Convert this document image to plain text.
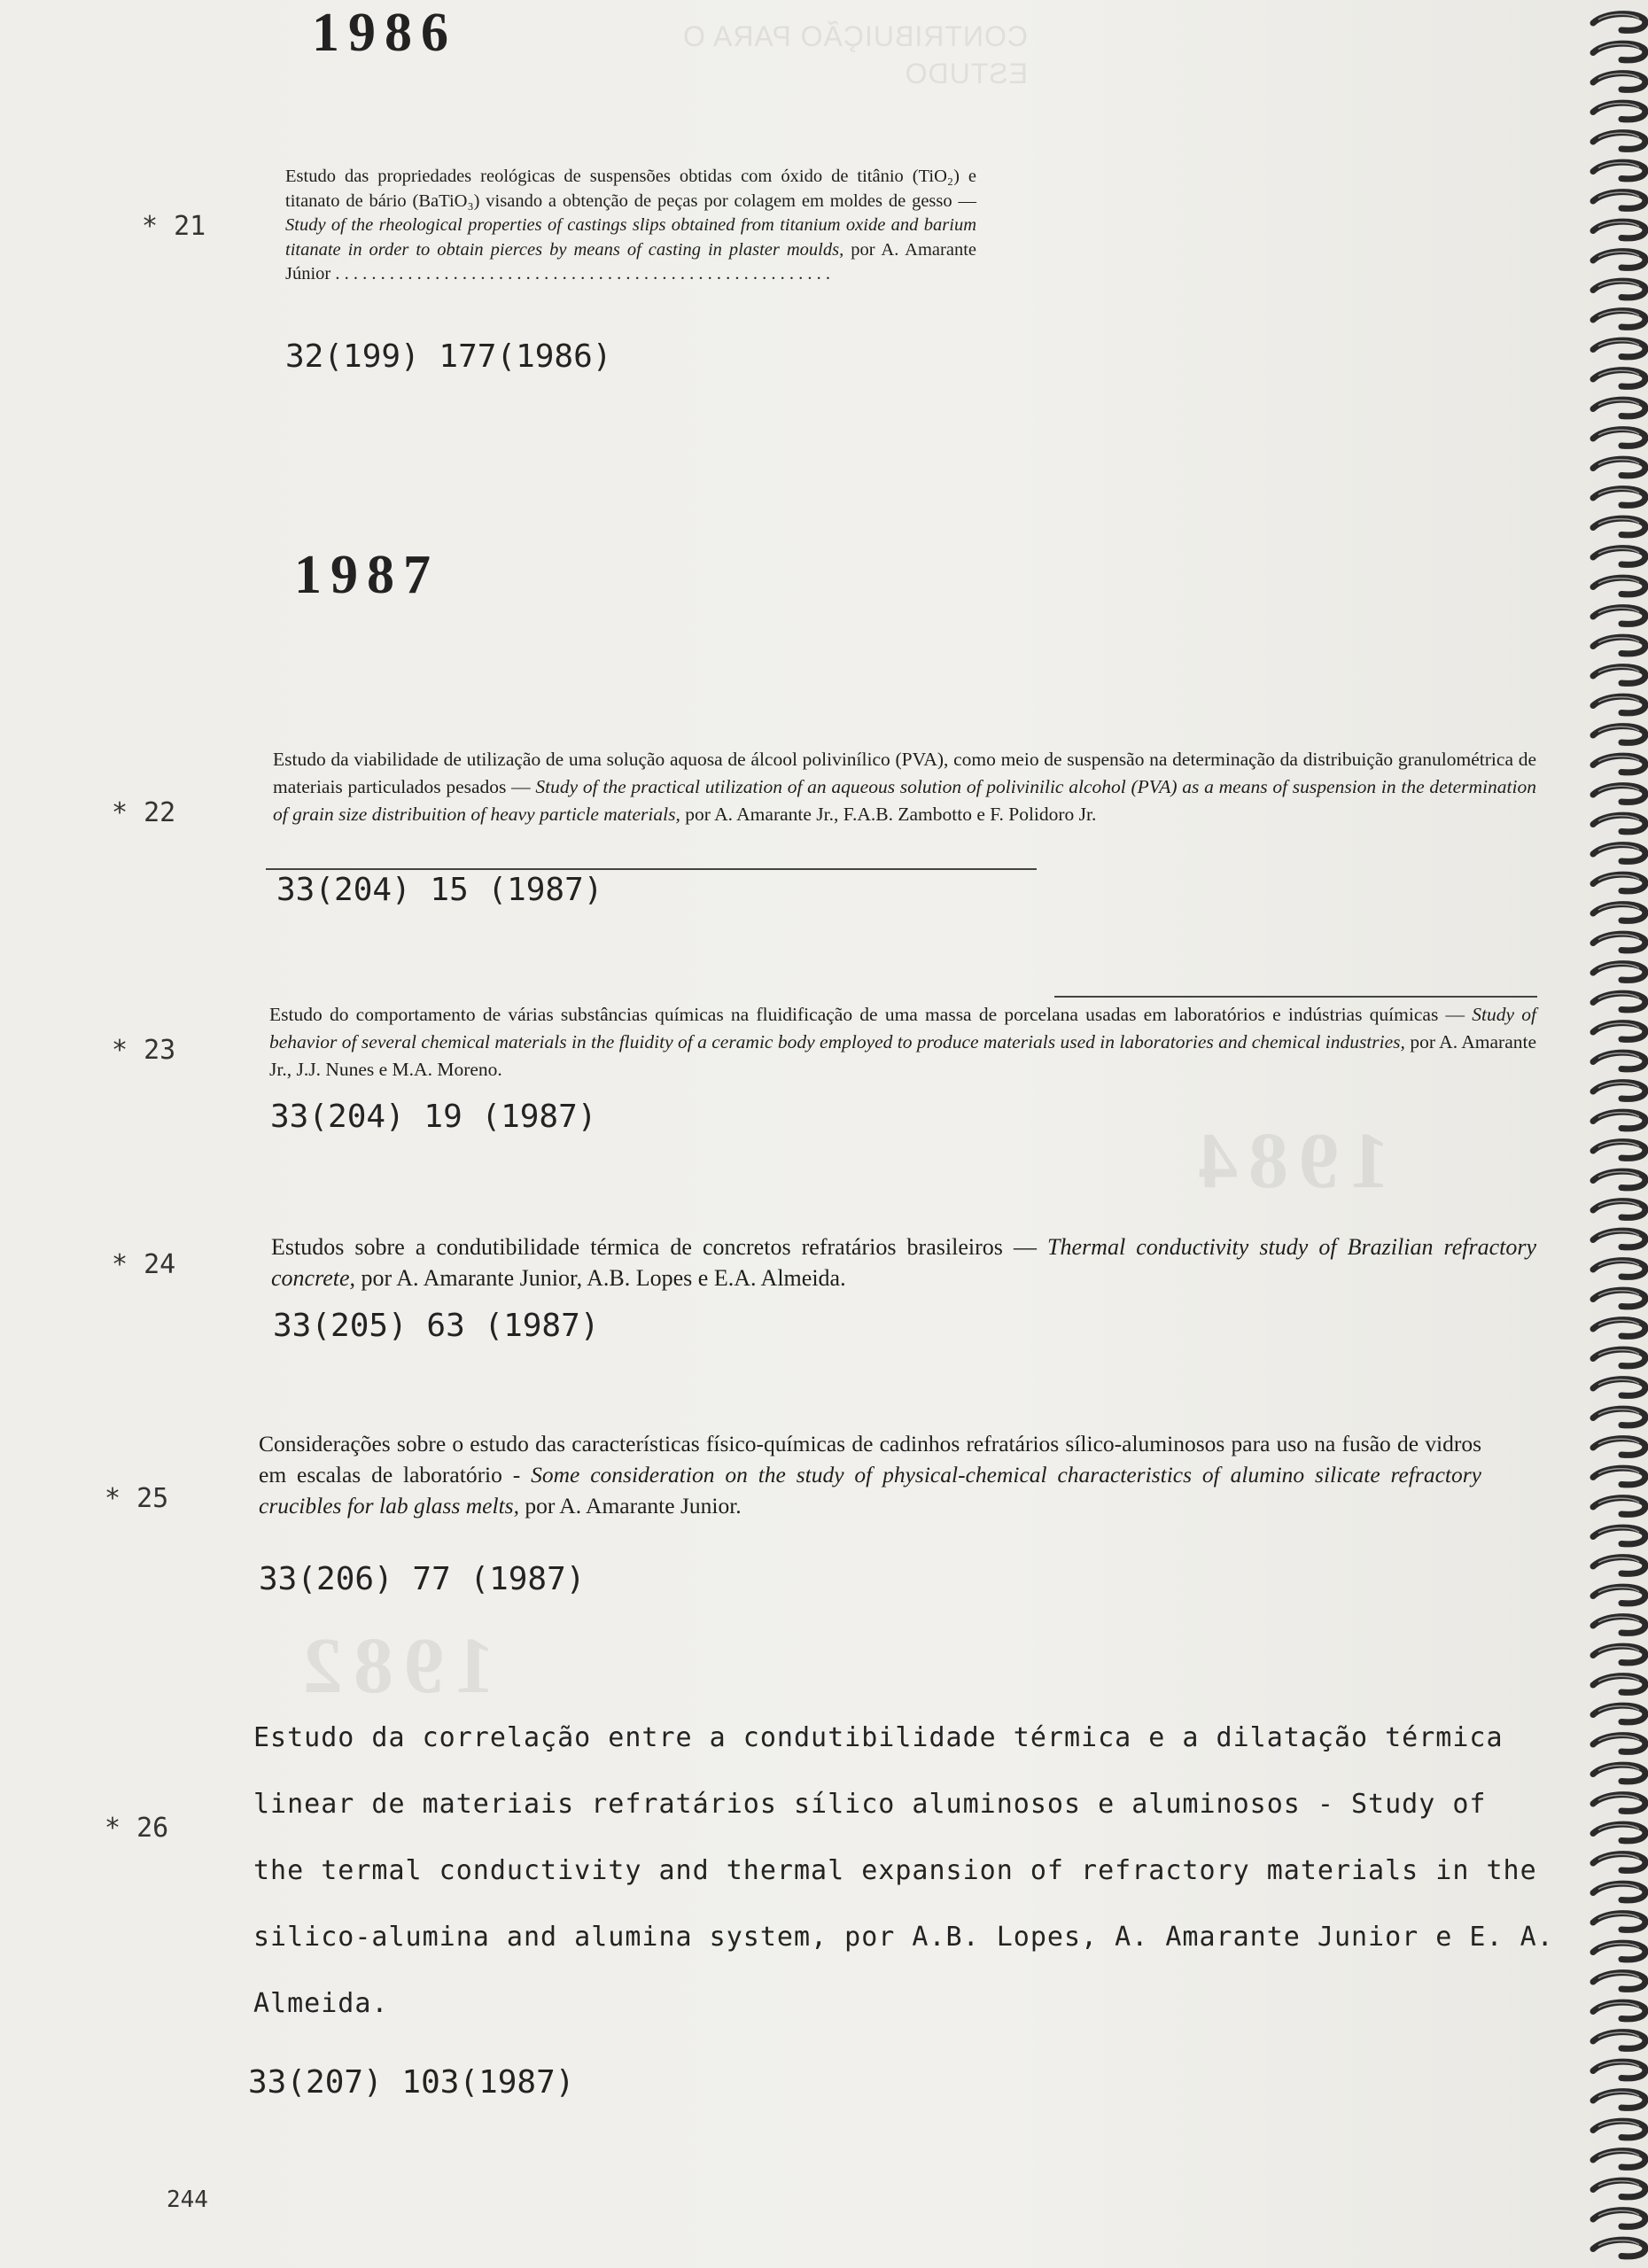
CONTRIBUIÇÃO PARA O ESTUDO
1984
1982

1986
* 21
Estudo das propriedades reológicas de suspensões obtidas com óxido de titânio (TiO₂) e titanato de bário (BaTiO₃) visando a obtenção de peças por colagem em moldes de gesso — Study of the rheological properties of castings slips obtained from titanium oxide and barium titanate in order to obtain pierces by means of casting in plaster moulds, por A. Amarante Júnior . . . . . . . . . . . . . . . . . . . . . . . . . . . . . . . . . . . . . . . . . . . . . . . . . . . . . . .
32(199) 177(1986)
1987
* 22
Estudo da viabilidade de utilização de uma solução aquosa de álcool polivinílico (PVA), como meio de suspensão na determinação da distribuição granulométrica de materiais particulados pesados — Study of the practical utilization of an aqueous solution of polivinilic alcohol (PVA) as a means of suspension in the determination of grain size distribuition of heavy particle materials, por A. Amarante Jr., F.A.B. Zambotto e F. Polidoro Jr.
33(204) 15 (1987)
* 23
Estudo do comportamento de várias substâncias químicas na fluidificação de uma massa de porcelana usadas em laboratórios e indústrias químicas — Study of behavior of several chemical materials in the fluidity of a ceramic body employed to produce materials used in laboratories and chemical industries, por A. Amarante Jr., J.J. Nunes e M.A. Moreno.
33(204) 19 (1987)
* 24
Estudos sobre a condutibilidade térmica de concretos refratários brasileiros — Thermal conductivity study of Brazilian refractory concrete, por A. Amarante Junior, A.B. Lopes e E.A. Almeida.
33(205) 63 (1987)
* 25
Considerações sobre o estudo das características físico-químicas de cadinhos refratários sílico-aluminosos para uso na fusão de vidros em escalas de laboratório - Some consideration on the study of physical-chemical characteristics of alumino silicate refractory crucibles for lab glass melts, por A. Amarante Junior.
33(206) 77 (1987)
* 26
Estudo da correlação entre a condutibilidade térmica e a dilatação térmica
linear de materiais refratários sílico aluminosos e aluminosos - Study of
the termal conductivity and thermal expansion of refractory materials in the
silico-alumina and alumina system, por A.B. Lopes, A. Amarante Junior e E. A.
Almeida.
33(207) 103(1987)
244
